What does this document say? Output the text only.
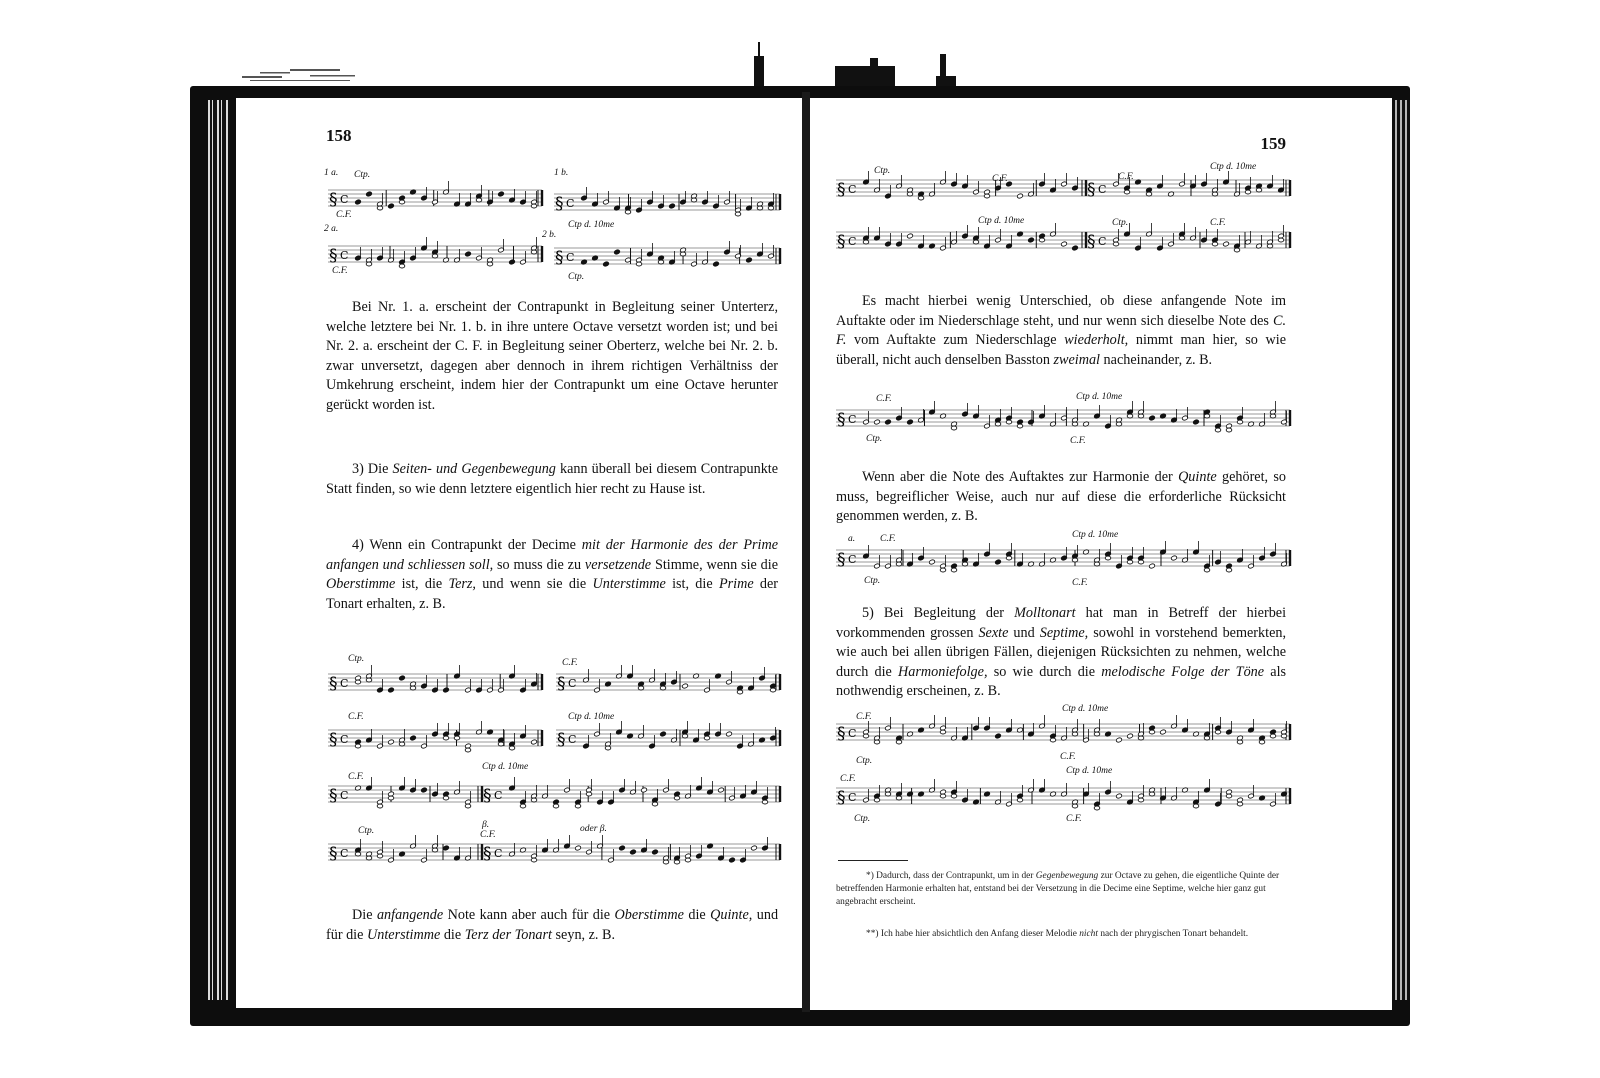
158
§ C	§ C
§ C	§ C
1 a. Ctp.
C.F.
1 b.
Ctp d. 10me
2 a.
C.F.
2 b.
Ctp.

Bei Nr. 1. a. erscheint der Contrapunkt in Begleitung seiner Unterterz, welche letztere bei Nr. 1. b. in ihre untere Octave versetzt worden ist; und bei Nr. 2. a. erscheint der C. F. in Begleitung seiner Oberterz, welche bei Nr. 2. b. zwar unversetzt, dagegen aber dennoch in ihrem richtigen Verhältniss der Umkehrung erscheint, indem hier der Contrapunkt um eine Octave herunter gerückt worden ist.

3) Die Seiten- und Gegenbewegung kann überall bei diesem Contrapunkte Statt finden, so wie denn letztere eigentlich hier recht zu Hause ist.

4) Wenn ein Contrapunkt der Decime mit der Harmonie des der Prime anfangen und schliessen soll, so muss die zu versetzende Stimme, wenn sie die Oberstimme ist, die Terz, und wenn sie die Unterstimme ist, die Prime der Tonart erhalten, z. B.

§ C	§ C
§ C	§ C
§ C	§ C
§ C	§ C
Ctp.	C.F.
C.F.	Ctp d. 10me
C.F.
Ctp d. 10me
Ctp.
β.
C.F.
oder β.

Die anfangende Note kann aber auch für die Oberstimme die Quinte, und für die Unterstimme die Terz der Tonart seyn, z. B.

159
§ C	§ C
§ C	§ C
Ctp.
C.F.	C.F.
Ctp d. 10me
Ctp d. 10me	Ctp.	C.F.

Es macht hierbei wenig Unterschied, ob diese anfangende Note im Auftakte oder im Niederschlage steht, und nur wenn sich dieselbe Note des C. F. vom Auftakte zum Niederschlage wiederholt, nimmt man hier, so wie überall, nicht auch denselben Basston zweimal nacheinander, z. B.

§ C
C.F.
Ctp.
Ctp d. 10me
C.F.

Wenn aber die Note des Auftaktes zur Harmonie der Quinte gehöret, so muss, begreiflicher Weise, auch nur auf diese die erforderliche Rücksicht genommen werden, z. B.

§ C
a.	C.F.
Ctp.
Ctp d. 10me
C.F.

5) Bei Begleitung der Molltonart hat man in Betreff der hierbei vorkommenden grossen Sexte und Septime, sowohl in vorstehend bemerkten, wie auch bei allen übrigen Fällen, diejenigen Rücksichten zu nehmen, welche durch die Harmoniefolge, so wie durch die melodische Folge der Töne als nothwendig erscheinen, z. B.

§ C
§ C
C.F.
Ctp.
Ctp d. 10me
C.F.
C.F.
Ctp.
Ctp d. 10me
C.F.

*) Dadurch, dass der Contrapunkt, um in der Gegenbewegung zur Octave zu gehen, die eigentliche Quinte der betreffenden Harmonie erhalten hat, entstand bei der Versetzung in die Decime eine Septime, welche hier ganz gut angebracht erscheint.

**) Ich habe hier absichtlich den Anfang dieser Melodie nicht nach der phrygischen Tonart behandelt.
